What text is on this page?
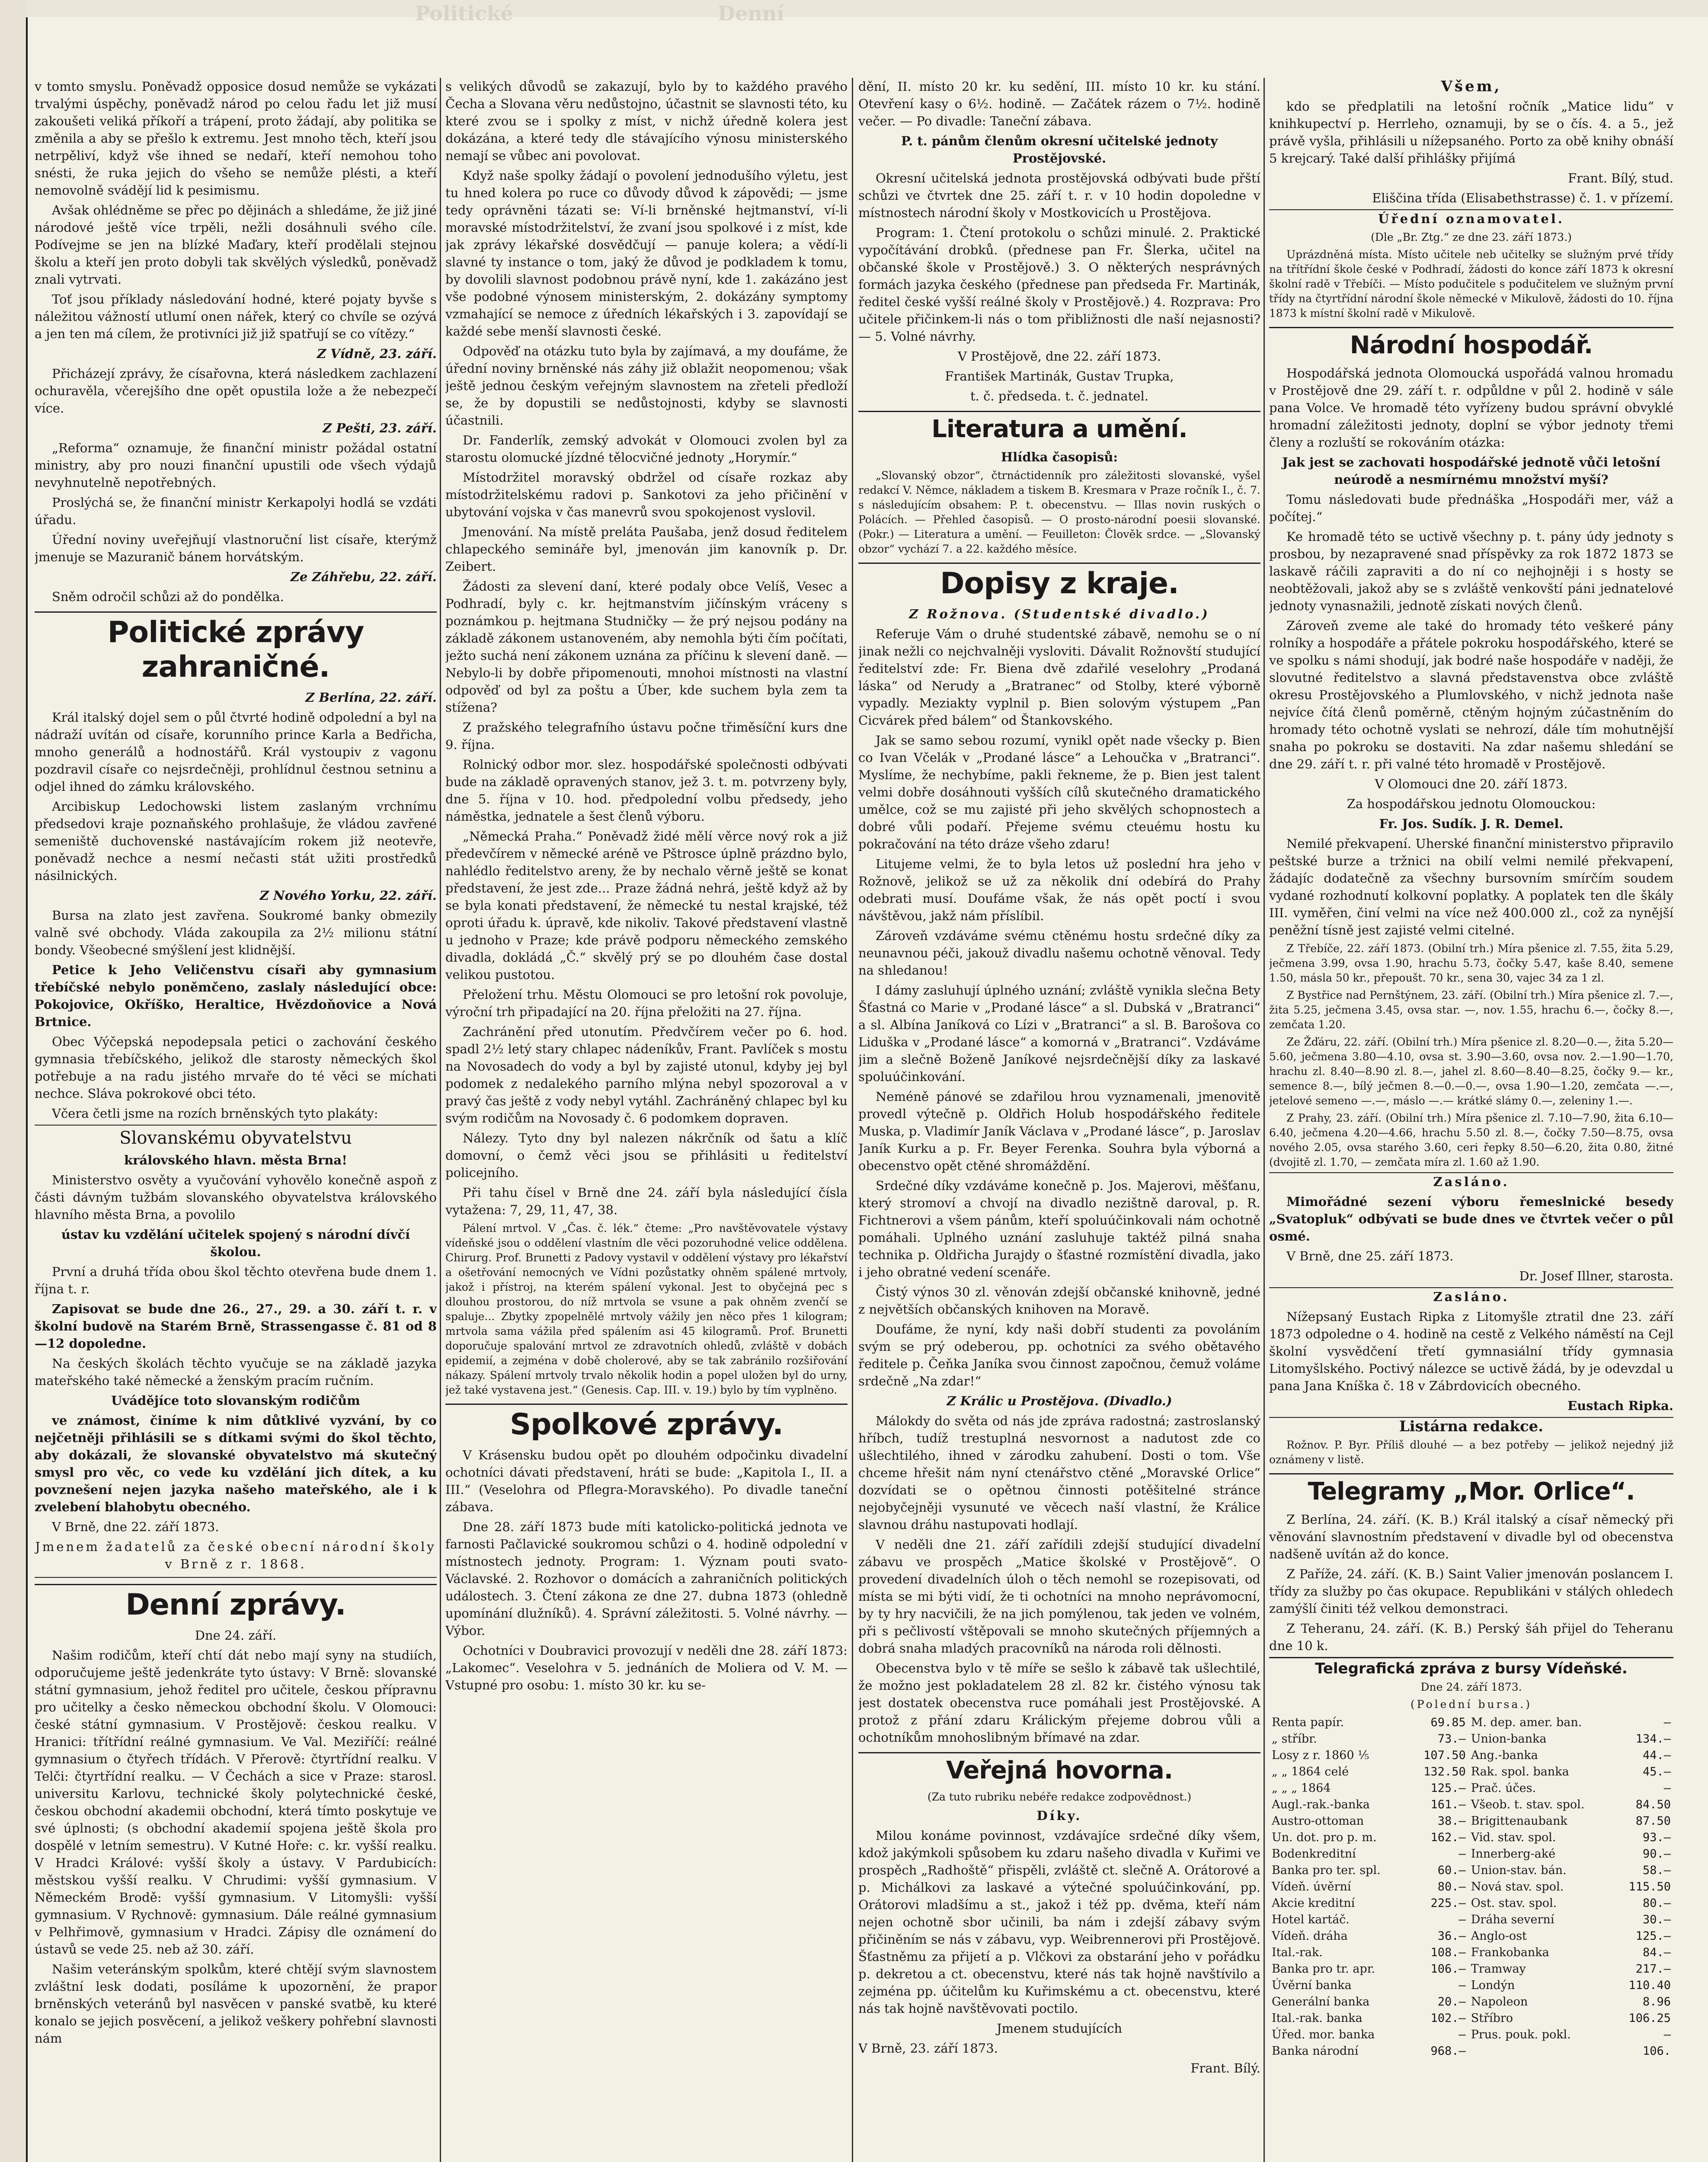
Politické	Denní

v tomto smyslu. Poněvadž opposice dosud nemůže se vykázati trvalými úspěchy, poněvadž národ po celou řadu let již musí zakoušeti veliká příkoří a trápení, proto žádají, aby politika se změnila a aby se přešlo k extremu. Jest mnoho těch, kteří jsou netrpěliví, když vše ihned se nedaří, kteří nemohou toho snésti, že ruka jejich do všeho se nemůže plésti, a kteří nemovolně svádějí lid k pesimismu.

Avšak ohlédněme se přec po dějinách a shledáme, že již jiné národové ještě více trpěli, nežli dosáhnuli svého cíle. Podívejme se jen na blízké Maďary, kteří prodělali stejnou školu a kteří jen proto dobyli tak skvělých výsledků, poněvadž znali vytrvati.

Toť jsou příklady následování hodné, které pojaty byvše s náležitou vážností utlumí onen nářek, který co chvíle se ozývá a jen ten má cílem, že protivníci již již spatřují se co vítězy.“

Z Vídně, 23. září.

Přicházejí zprávy, že císařovna, která následkem zachlazení ochuravěla, včerejšího dne opět opustila lože a že nebezpečí více.

Z Pešti, 23. září.

„Reforma“ oznamuje, že finanční ministr požádal ostatní ministry, aby pro nouzi finanční upustili ode všech výdajů nevyhnutelně nepotřebných.

Proslýchá se, že finanční ministr Kerkapolyi hodlá se vzdáti úřadu.

Úřední noviny uveřejňují vlastnoruční list císaře, kterýmž jmenuje se Mazuranič bánem horvátským.

Ze Záhřebu, 22. září.

Sněm odročil schůzi až do pondělka.

Politické zprávy zahraničné.

Z Berlína, 22. září.

Král italský dojel sem o půl čtvrté hodině odpolední a byl na nádraží uvítán od císaře, korunního prince Karla a Bedřicha, mnoho generálů a hodnostářů. Král vystoupiv z vagonu pozdravil císaře co nejsrdečněji, prohlídnul čestnou setninu a odjel ihned do zámku královského.

Arcibiskup Ledochowski listem zaslaným vrchnímu předsedovi kraje poznaňského prohlašuje, že vládou zavřené semeniště duchovenské nastávajícím rokem již neotevře, poněvadž nechce a nesmí nečasti stát užiti prostředků násilnických.

Z Nového Yorku, 22. září.

Bursa na zlato jest zavřena. Soukromé banky obmezily valně své obchody. Vláda zakoupila za 2½ milionu státní bondy. Všeobecné smýšlení jest klidnější.

Petice k Jeho Veličenstvu císaři aby gymnasium třebíčské nebylo poněmčeno, zaslaly následující obce: Pokojovice, Okříško, Heraltice, Hvězdoňovice a Nová Brtnice.

Obec Výčepská nepodepsala petici o zachování českého gymnasia třebíčského, jelikož dle starosty německých škol potřebuje a na radu jistého mrvaře do té věci se míchati nechce. Sláva pokrokové obci této.

Včera četli jsme na rozích brněnských tyto plakáty:

Slovanskému obyvatelstvu

královského hlavn. města Brna!

Ministerstvo osvěty a vyučování vyhovělo konečně aspoň z části dávným tužbám slovanského obyvatelstva královského hlavního města Brna, a povolilo

ústav ku vzdělání učitelek spojený s národní dívčí školou.

První a druhá třída obou škol těchto otevřena bude dnem 1. října t. r.

Zapisovat se bude dne 26., 27., 29. a 30. září t. r. v školní budově na Starém Brně, Strassengasse č. 81 od 8—12 dopoledne.

Na českých školách těchto vyučuje se na základě jazyka mateřského také německé a ženským pracím ručním.

Uvádějíce toto slovanským rodičům

ve známost, činíme k nim důtklivé vyzvání, by co nejčetněji přihlásili se s dítkami svými do škol těchto, aby dokázali, že slovanské obyvatelstvo má skutečný smysl pro věc, co vede ku vzdělání jich dítek, a ku povznešení nejen jazyka našeho mateřského, ale i k zvelebení blahobytu obecného.

V Brně, dne 22. září 1873.

Jmenem žadatelů za české obecní národní školy v Brně z r. 1868.

Denní zprávy.

Dne 24. září.

Našim rodičům, kteří chtí dát nebo mají syny na studiích, odporučujeme ještě jedenkráte tyto ústavy: V Brně: slovanské státní gymnasium, jehož ředitel pro učitele, českou přípravnu pro učitelky a česko německou obchodní školu. V Olomouci: české státní gymnasium. V Prostějově: českou realku. V Hranici: třítřídní reálné gymnasium. Ve Val. Meziříčí: reálné gymnasium o čtyřech třídách. V Přerově: čtyrtřídní realku. V Telči: čtyrtřídní realku. — V Čechách a sice v Praze: starosl. universitu Karlovu, technické školy polytechnické české, českou obchodní akademii obchodní, která tímto poskytuje ve své úplnosti; (s obchodní akademií spojena ještě škola pro dospělé v letním semestru). V Kutné Hoře: c. kr. vyšší realku. V Hradci Králové: vyšší školy a ústavy. V Pardubicích: městskou vyšší realku. V Chrudimi: vyšší gymnasium. V Německém Brodě: vyšší gymnasium. V Litomyšli: vyšší gymnasium. V Rychnově: gymnasium. Dále reálné gymnasium v Pelhřimově, gymnasium v Hradci. Zápisy dle oznámení do ústavů se vede 25. neb až 30. září.

Našim veteránským spolkům, které chtějí svým slavnostem zvláštní lesk dodati, posíláme k upozornění, že prapor brněnských veteránů byl nasvěcen v panské svatbě, ku které konalo se jejich posvěcení, a jelikož veškery pohřební slavnosti nám

s velikých důvodů se zakazují, bylo by to každého pravého Čecha a Slovana věru nedůstojno, účastnit se slavnosti této, ku které zvou se i spolky z míst, v nichž úředně kolera jest dokázána, a které tedy dle stávajícího výnosu ministerského nemají se vůbec ani povolovat.

Když naše spolky žádají o povolení jednodušího výletu, jest tu hned kolera po ruce co důvody důvod k zápovědi; — jsme tedy oprávněni tázati se: Ví-li brněnské hejtmanství, ví-li moravské místodržitelství, že zvaní jsou spolkové i z míst, kde jak zprávy lékařské dosvědčují — panuje kolera; a vědí-li slavné ty instance o tom, jaký že důvod je podkladem k tomu, by dovolili slavnost podobnou právě nyní, kde 1. zakázáno jest vše podobné výnosem ministerským, 2. dokázány symptomy vzmahající se nemoce z úředních lékařských i 3. zapovídají se každé sebe menší slavnosti české.

Odpověď na otázku tuto byla by zajímavá, a my doufáme, že úřední noviny brněnské nás záhy již oblažit neopomenou; však ještě jednou českým veřejným slavnostem na zřeteli předloží se, že by dopustili se nedůstojnosti, kdyby se slavnosti účastnili.

Dr. Fanderlík, zemský advokát v Olomouci zvolen byl za starostu olomucké jízdné tělocvičné jednoty „Horymír.“

Místodržitel moravský obdržel od císaře rozkaz aby místodržitelskému radovi p. Sankotovi za jeho přičinění v ubytování vojska v čas manevrů svou spokojenost vyslovil.

Jmenování. Na místě preláta Paušaba, jenž dosud ředitelem chlapeckého semináře byl, jmenován jim kanovník p. Dr. Zeibert.

Žádosti za slevení daní, které podaly obce Velíš, Vesec a Podhradí, byly c. kr. hejtmanstvím jičínským vráceny s poznámkou p. hejtmana Studničky — že prý nejsou podány na základě zákonem ustanoveném, aby nemohla býti čím počítati, ježto suchá není zákonem uznána za příčinu k slevení daně. — Nebylo-li by dobře připomenouti, mnohoi místnosti na vlastní odpověď od byl za poštu a Úber, kde suchem byla zem ta stížena?

Z pražského telegrafního ústavu počne třiměsíční kurs dne 9. října.

Rolnický odbor mor. slez. hospodářské společnosti odbývati bude na základě opravených stanov, jež 3. t. m. potvrzeny byly, dne 5. října v 10. hod. předpolední volbu předsedy, jeho náměstka, jednatele a šest členů výboru.

„Německá Praha.“ Poněvadž židé mělí věrce nový rok a již předevčírem v německé aréně ve Pštrosce úplně prázdno bylo, nahlédlo ředitelstvo areny, že by nechalo věrně ještě se konat představení, že jest zde... Praze žádná nehrá, ještě když až by se byla konati představení, že německé tu nestal krajské, též oproti úřadu k. úpravě, kde nikoliv. Takové představení vlastně u jednoho v Praze; kde právě podporu německého zemského divadla, dokládá „Č.“ skvělý prý se po dlouhém čase dostal velikou pustotou.

Přeložení trhu. Městu Olomouci se pro letošní rok povoluje, výroční trh připadající na 20. října přeložiti na 27. října.

Zachránění před utonutím. Předvčírem večer po 6. hod. spadl 2½ letý stary chlapec nádeníkův, Frant. Pavlíček s mostu na Novosadech do vody a byl by zajisté utonul, kdyby jej byl podomek z nedalekého parního mlýna nebyl spozoroval a v pravý čas ještě z vody nebyl vytáhl. Zachráněný chlapec byl ku svým rodičům na Novosady č. 6 podomkem dopraven.

Nálezy. Tyto dny byl nalezen nákrčník od šatu a klíč domovní, o čemž věci jsou se přihlásiti u ředitelství policejního.

Při tahu čísel v Brně dne 24. září byla následující čísla vytažena: 7, 29, 11, 47, 38.

Pálení mrtvol. V „Čas. č. lék.“ čteme: „Pro navštěvovatele výstavy vídeňské jsou o oddělení vlastním dle věci pozoruhodné velice oddělena. Chirurg. Prof. Brunetti z Padovy vystavil v oddělení výstavy pro lékařství a ošetřování nemocných ve Vídni pozůstatky ohněm spálené mrtvoly, jakož i přístroj, na kterém spálení vykonal. Jest to obyčejná pec s dlouhou prostorou, do níž mrtvola se vsune a pak ohněm zvenčí se spaluje... Zbytky zpopelnělé mrtvoly vážily jen něco přes 1 kilogram; mrtvola sama vážila před spálením asi 45 kilogramů. Prof. Brunetti doporučuje spalování mrtvol ze zdravotních ohledů, zvláště v dobách epidemií, a zejména v době cholerové, aby se tak zabránilo rozšiřování nákazy. Spálení mrtvoly trvalo několik hodin a popel uložen byl do urny, jež také vystavena jest.“ (Genesis. Cap. III. v. 19.) bylo by tím vyplněno.

Spolkové zprávy.

V Krásensku budou opět po dlouhém odpočinku divadelní ochotníci dávati představení, hráti se bude: „Kapitola I., II. a III.“ (Veselohra od Pflegra-Moravského). Po divadle taneční zábava.

Dne 28. září 1873 bude míti katolicko-politická jednota ve farnosti Pačlavické soukromou schůzi o 4. hodině odpolední v místnostech jednoty. Program: 1. Význam pouti svato-Václavské. 2. Rozhovor o domácích a zahraničních politických událostech. 3. Čtení zákona ze dne 27. dubna 1873 (ohledně upomínání dlužníků). 4. Správní záležitosti. 5. Volné návrhy. — Výbor.

Ochotníci v Doubravici provozují v neděli dne 28. září 1873: „Lakomec“. Veselohra v 5. jednáních de Moliera od V. M. — Vstupné pro osobu: 1. místo 30 kr. ku se-

dění, II. místo 20 kr. ku sedění, III. místo 10 kr. ku stání. Otevření kasy o 6½. hodině. — Začátek rázem o 7½. hodině večer. — Po divadle: Taneční zábava.

P. t. pánům členům okresní učitelské jednoty Prostějovské.

Okresní učitelská jednota prostějovská odbývati bude přští schůzi ve čtvrtek dne 25. září t. r. v 10 hodin dopoledne v místnostech národní školy v Mostkovicích u Prostějova.

Program: 1. Čtení protokolu o schůzi minulé. 2. Praktické vypočítávání drobků. (přednese pan Fr. Šlerka, učitel na občanské škole v Prostějově.) 3. O některých nesprávných formách jazyka českého (přednese pan předseda Fr. Martinák, ředitel české vyšší reálné školy v Prostějově.) 4. Rozprava: Pro učitele přičinkem-li nás o tom přibližnosti dle naší nejasnosti? — 5. Volné návrhy.

V Prostějově, dne 22. září 1873.

František Martinák, Gustav Trupka,

t. č. předseda. t. č. jednatel.

Literatura a umění.

Hlídka časopisů:

„Slovanský obzor“, čtrnáctidenník pro záležitosti slovanské, vyšel redakcí V. Němce, nákladem a tiskem B. Kresmara v Praze ročník I., č. 7. s následujícím obsahem: P. t. obecenstvu. — Illas novin ruských o Polácích. — Přehled časopisů. — O prosto-národní poesii slovanské. (Pokr.) — Literatura a umění. — Feuilleton: Člověk srdce. — „Slovanský obzor“ vychází 7. a 22. každého měsíce.

Dopisy z kraje.

Z Rožnova. (Studentské divadlo.)

Referuje Vám o druhé studentské zábavě, nemohu se o ní jinak nežli co nejchvalněji vysloviti. Dávalit Rožnovští studující ředitelství zde: Fr. Biena dvě zdařilé veselohry „Prodaná láska“ od Nerudy a „Bratranec“ od Stolby, které výborně vypadly. Meziakty vyplnil p. Bien solovým výstupem „Pan Cicvárek před bálem“ od Štankovského.

Jak se samo sebou rozumí, vynikl opět nade všecky p. Bien co Ivan Včelák v „Prodané lásce“ a Lehoučka v „Bratranci“. Myslíme, že nechybíme, pakli řekneme, že p. Bien jest talent velmi dobře dosáhnouti vyšších cílů skutečného dramatického umělce, což se mu zajisté při jeho skvělých schopnostech a dobré vůli podaří. Přejeme svému cteuému hostu ku pokračování na této dráze všeho zdaru!

Litujeme velmi, že to byla letos už poslední hra jeho v Rožnově, jelikož se už za několik dní odebírá do Prahy odebrati musí. Doufáme však, že nás opět poctí i svou návštěvou, jakž nám příslíbil.

Zároveň vzdáváme svému ctěnému hostu srdečné díky za neunavnou péči, jakouž divadlu našemu ochotně věnoval. Tedy na shledanou!

I dámy zasluhují úplného uznání; zvláště vynikla slečna Bety Šťastná co Marie v „Prodané lásce“ a sl. Dubská v „Bratranci“ a sl. Albína Janíková co Lízi v „Bratranci“ a sl. B. Barošova co Liduška v „Prodané lásce“ a komorná v „Bratranci“. Vzdáváme jim a slečně Boženě Janíkové nejsrdečnější díky za laskavé spoluúčinkování.

Neméně pánové se zdařilou hrou vyznamenali, jmenovitě provedl výtečně p. Oldřich Holub hospodářského ředitele Muska, p. Vladimír Janík Václava v „Prodané lásce“, p. Jaroslav Janík Kurku a p. Fr. Beyer Ferenka. Souhra byla výborná a obecenstvo opět ctěné shromáždění.

Srdečné díky vzdáváme konečně p. Jos. Majerovi, měšťanu, který stromoví a chvojí na divadlo nezištně daroval, p. R. Fichtnerovi a všem pánům, kteří spoluúčinkovali nám ochotně pomáhali. Uplného uznání zasluhuje taktéž pilná snaha technika p. Oldřicha Jurajdy o šťastné rozmístění divadla, jako i jeho obratné vedení scenáře.

Čistý výnos 30 zl. věnován zdejší občanské knihovně, jedné z největších občanských knihoven na Moravě.

Doufáme, že nyní, kdy naši dobří studenti za povoláním svým se prý odeberou, pp. ochotníci za svého obětavého ředitele p. Čeňka Janíka svou činnost započnou, čemuž voláme srdečně „Na zdar!“

Z Králic u Prostějova. (Divadlo.)

Málokdy do světa od nás jde zpráva radostná; zastroslanský hříbch, tudíž trestuplná nesvornost a nadutost zde co ušlechtilého, ihned v zárodku zahubení. Dosti o tom. Vše chceme hřešit nám nyní ctenářstvo ctěné „Moravské Orlice“ dozvídati se o opětnou činnosti potěšitelné stránce nejobyčejněji vysunuté ve věcech naší vlastní, že Králice slavnou dráhu nastupovati hodlají.

V neděli dne 21. září zařídili zdejší studující divadelní zábavu ve prospěch „Matice školské v Prostějově“. O provedení divadelních úloh o těch nemohl se rozepisovati, od místa se mi býti vidí, že ti ochotníci na mnoho neprávomocní, by ty hry nacvičili, že na jich pomýlenou, tak jeden ve volném, při s pečlivostí vštěpovali se mnoho skutečných příjemných a dobrá snaha mladých pracovníků na národa roli dělnosti.

Obecenstva bylo v tě míře se sešlo k zábavě tak ušlechtilé, že možno jest pokladatelem 28 zl. 82 kr. čistého výnosu tak jest dostatek obecenstva ruce pomáhali jest Prostějovské. A protož z přání zdaru Králickým přejeme dobrou vůli a ochotníkům mnohoslibným břímavé na zdar.

Veřejná hovorna.

(Za tuto rubriku nebéře redakce zodpovědnost.)

Díky.

Milou konáme povinnost, vzdávajíce srdečné díky všem, kdož jakýmkoli spůsobem ku zdaru našeho divadla v Kuřimi ve prospěch „Radhoště“ přispěli, zvláště ct. slečně A. Orátorové a p. Michálkovi za laskavé a výtečné spoluúčinkování, pp. Orátorovi mladšímu a st., jakož i též pp. dvěma, kteří nám nejen ochotně sbor učinili, ba nám i zdejší zábavy svým přičiněním se nás v zábavu, vyp. Weibrennerovi při Prostějově. Šťastněmu za přijetí a p. Vlčkovi za obstarání jeho v pořádku p. dekretou a ct. obecenstvu, které nás tak hojně navštívilo a zejména pp. účitelům ku Kuřimskému a ct. obecenstvu, které nás tak hojně navštěvovati poctilo.

Jmenem studujících

V Brně, 23. září 1873.

Frant. Bílý.

Všem,

kdo se předplatili na letošní ročník „Matice lidu“ v knihkupectví p. Herrleho, oznamuji, by se o čís. 4. a 5., jež právě vyšla, přihlásili u nížepsaného. Porto za obě knihy obnáší 5 krejcarý. Také další přihlášky přijímá

Frant. Bílý, stud.

Eliščina třída (Elisabethstrasse) č. 1. v přízemí.

Úřední oznamovatel.

(Dle „Br. Ztg.“ ze dne 23. září 1873.)

Uprázdněná místa. Místo učitele neb učitelky se služným prvé třídy na třítřídní škole české v Podhradí, žádosti do konce září 1873 k okresní školní radě v Třebíči. — Místo podučitele s podučitelem ve služným první třídy na čtyrtřídní národní škole německé v Mikulově, žádosti do 10. října 1873 k místní školní radě v Mikulově.

Národní hospodář.

Hospodářská jednota Olomoucká uspořádá valnou hromadu v Prostějově dne 29. září t. r. odpůldne v půl 2. hodině v sále pana Volce. Ve hromadě této vyřízeny budou správní obvyklé hromadní záležitosti jednoty, doplní se výbor jednoty třemi členy a rozluští se rokováním otázka:

Jak jest se zachovati hospodářské jednotě vůči letošní neúrodě a nesmírnému množství myší?

Tomu následovati bude přednáška „Hospodáři mer, váž a počítej.“

Ke hromadě této se uctivě všechny p. t. pány údy jednoty s prosbou, by nezapravené snad příspěvky za rok 1872 1873 se laskavě ráčili zapraviti a do ní co nejhojněji i s hosty se neobtěžovali, jakož aby se s zvláště venkovští páni jednatelové jednoty vynasnažili, jednotě získati nových členů.

Zároveň zveme ale také do hromady této veškeré pány rolníky a hospodáře a přátele pokroku hospodářského, které se ve spolku s námi shodují, jak bodré naše hospodáře v naději, že slovutné ředitelstvo a slavná představenstva obce zvláště okresu Prostějovského a Plumlovského, v nichž jednota naše nejvíce čítá členů poměrně, ctěným hojným zúčastněním do hromady této ochotně vyslati se nehrozí, dále tím mohutnější snaha po pokroku se dostaviti. Na zdar našemu shledání se dne 29. září t. r. při valné této hromadě v Prostějově.

V Olomouci dne 20. září 1873.

Za hospodářskou jednotu Olomouckou:

Fr. Jos. Sudík. J. R. Demel.

Nemilé překvapení. Uherské finanční ministerstvo připravilo peštské burze a tržnici na obilí velmi nemilé překvapení, žádajíc dodatečně za všechny bursovním smírčím soudem vydané rozhodnutí kolkovní poplatky. A poplatek ten dle škály III. vyměřen, činí velmi na více než 400.000 zl., což za nynější peněžní tísně jest zajisté velmi citelné.

Z Třebíče, 22. září 1873. (Obilní trh.) Míra pšenice zl. 7.55, žita 5.29, ječmena 3.99, ovsa 1.90, hrachu 5.73, čočky 5.47, kaše 8.40, semene 1.50, másla 50 kr., přepoušt. 70 kr., sena 30, vajec 34 za 1 zl.

Z Bystřice nad Pernštýnem, 23. září. (Obilní trh.) Míra pšenice zl. 7.—, žita 5.25, ječmena 3.45, ovsa star. —, nov. 1.55, hrachu 6.—, čočky 8.—, zemčata 1.20.

Ze Žďáru, 22. září. (Obilní trh.) Míra pšenice zl. 8.20—0.—, žita 5.20—5.60, ječmena 3.80—4.10, ovsa st. 3.90—3.60, ovsa nov. 2.—1.90—1.70, hrachu zl. 8.40—8.90 zl. 8.—, jahel zl. 8.60—8.40—8.25, čočky 9.— kr., semence 8.—, bílý ječmen 8.—0.—0.—, ovsa 1.90—1.20, zemčata —.—, jetelové semeno —.—, máslo —.— krátké slámy 0.—, zeleniny 1.—.

Z Prahy, 23. září. (Obilní trh.) Míra pšenice zl. 7.10—7.90, žita 6.10—6.40, ječmena 4.20—4.66, hrachu 5.50 zl. 8.—, čočky 7.50—8.75, ovsa nového 2.05, ovsa starého 3.60, ceri řepky 8.50—6.20, žita 0.80, žitné (dvojitě zl. 1.70, — zemčata míra zl. 1.60 až 1.90.

Zasláno.

Mimořádné sezení výboru řemeslnické besedy „Svatopluk“ odbývati se bude dnes ve čtvrtek večer o půl osmé.

V Brně, dne 25. září 1873.

Dr. Josef Illner, starosta.

Zasláno.

Nížepsaný Eustach Ripka z Litomyšle ztratil dne 23. září 1873 odpoledne o 4. hodině na cestě z Velkého náměstí na Cejl školní vysvědčení třetí gymnasiální třídy gymnasia Litomyšlského. Poctivý nálezce se uctivě žádá, by je odevzdal u pana Jana Kníška č. 18 v Zábrdovicích obecného.

Eustach Ripka.

Listárna redakce.

Rožnov. P. Byr. Příliš dlouhé — a bez potřeby — jelikož nejedný již oznámeny v listě.

Telegramy „Mor. Orlice“.

Z Berlína, 24. září. (K. B.) Král italský a císař německý při věnování slavnostním představení v divadle byl od obecenstva nadšeně uvítán až do konce.

Z Paříže, 24. září. (K. B.) Saint Valier jmenován poslancem I. třídy za služby po čas okupace. Republikáni v stálých ohledech zamýšlí činiti též velkou demonstraci.

Z Teheranu, 24. září. (K. B.) Perský šáh přijel do Teheranu dne 10 k.

Telegrafická zpráva z bursy Vídeňské.

Dne 24. září 1873.

(Polední bursa.)

Renta papír.	69.85	M. dep. amer. ban.	—
„ stříbr.	73.—	Union-banka	134.—
Losy z r. 1860 ⅕	107.50	Ang.-banka	44.—
„ „ 1864 celé	132.50	Rak. spol. banka	45.—
„ „ „ 1864	125.—	Prač. účes.	—
Augl.-rak.-banka	161.—	Všeob. t. stav. spol.	84.50
Austro-ottoman	38.—	Brigittenaubank	87.50
Un. dot. pro p. m.	162.—	Vid. stav. spol.	93.—
Bodenkreditní	—	Innerberg-aké	90.—
Banka pro ter. spl.	60.—	Union-stav. bán.	58.—
Vídeň. úvěrní	80.—	Nová stav. spol.	115.50
Akcie kreditní	225.—	Ost. stav. spol.	80.—
Hotel kartáč.	—	Dráha severní	30.—
Vídeň. dráha	36.—	Anglo-ost	125.—
Ital.-rak.	108.—	Frankobanka	84.—
Banka pro tr. apr.	106.—	Tramway	217.—
Úvěrní banka	—	Londýn	110.40
Generální banka	20.—	Napoleon	8.96
Ital.-rak. banka	102.—	Stříbro	106.25
Úřed. mor. banka	—	Prus. pouk. pokl.	—
Banka národní	968.—		106.
